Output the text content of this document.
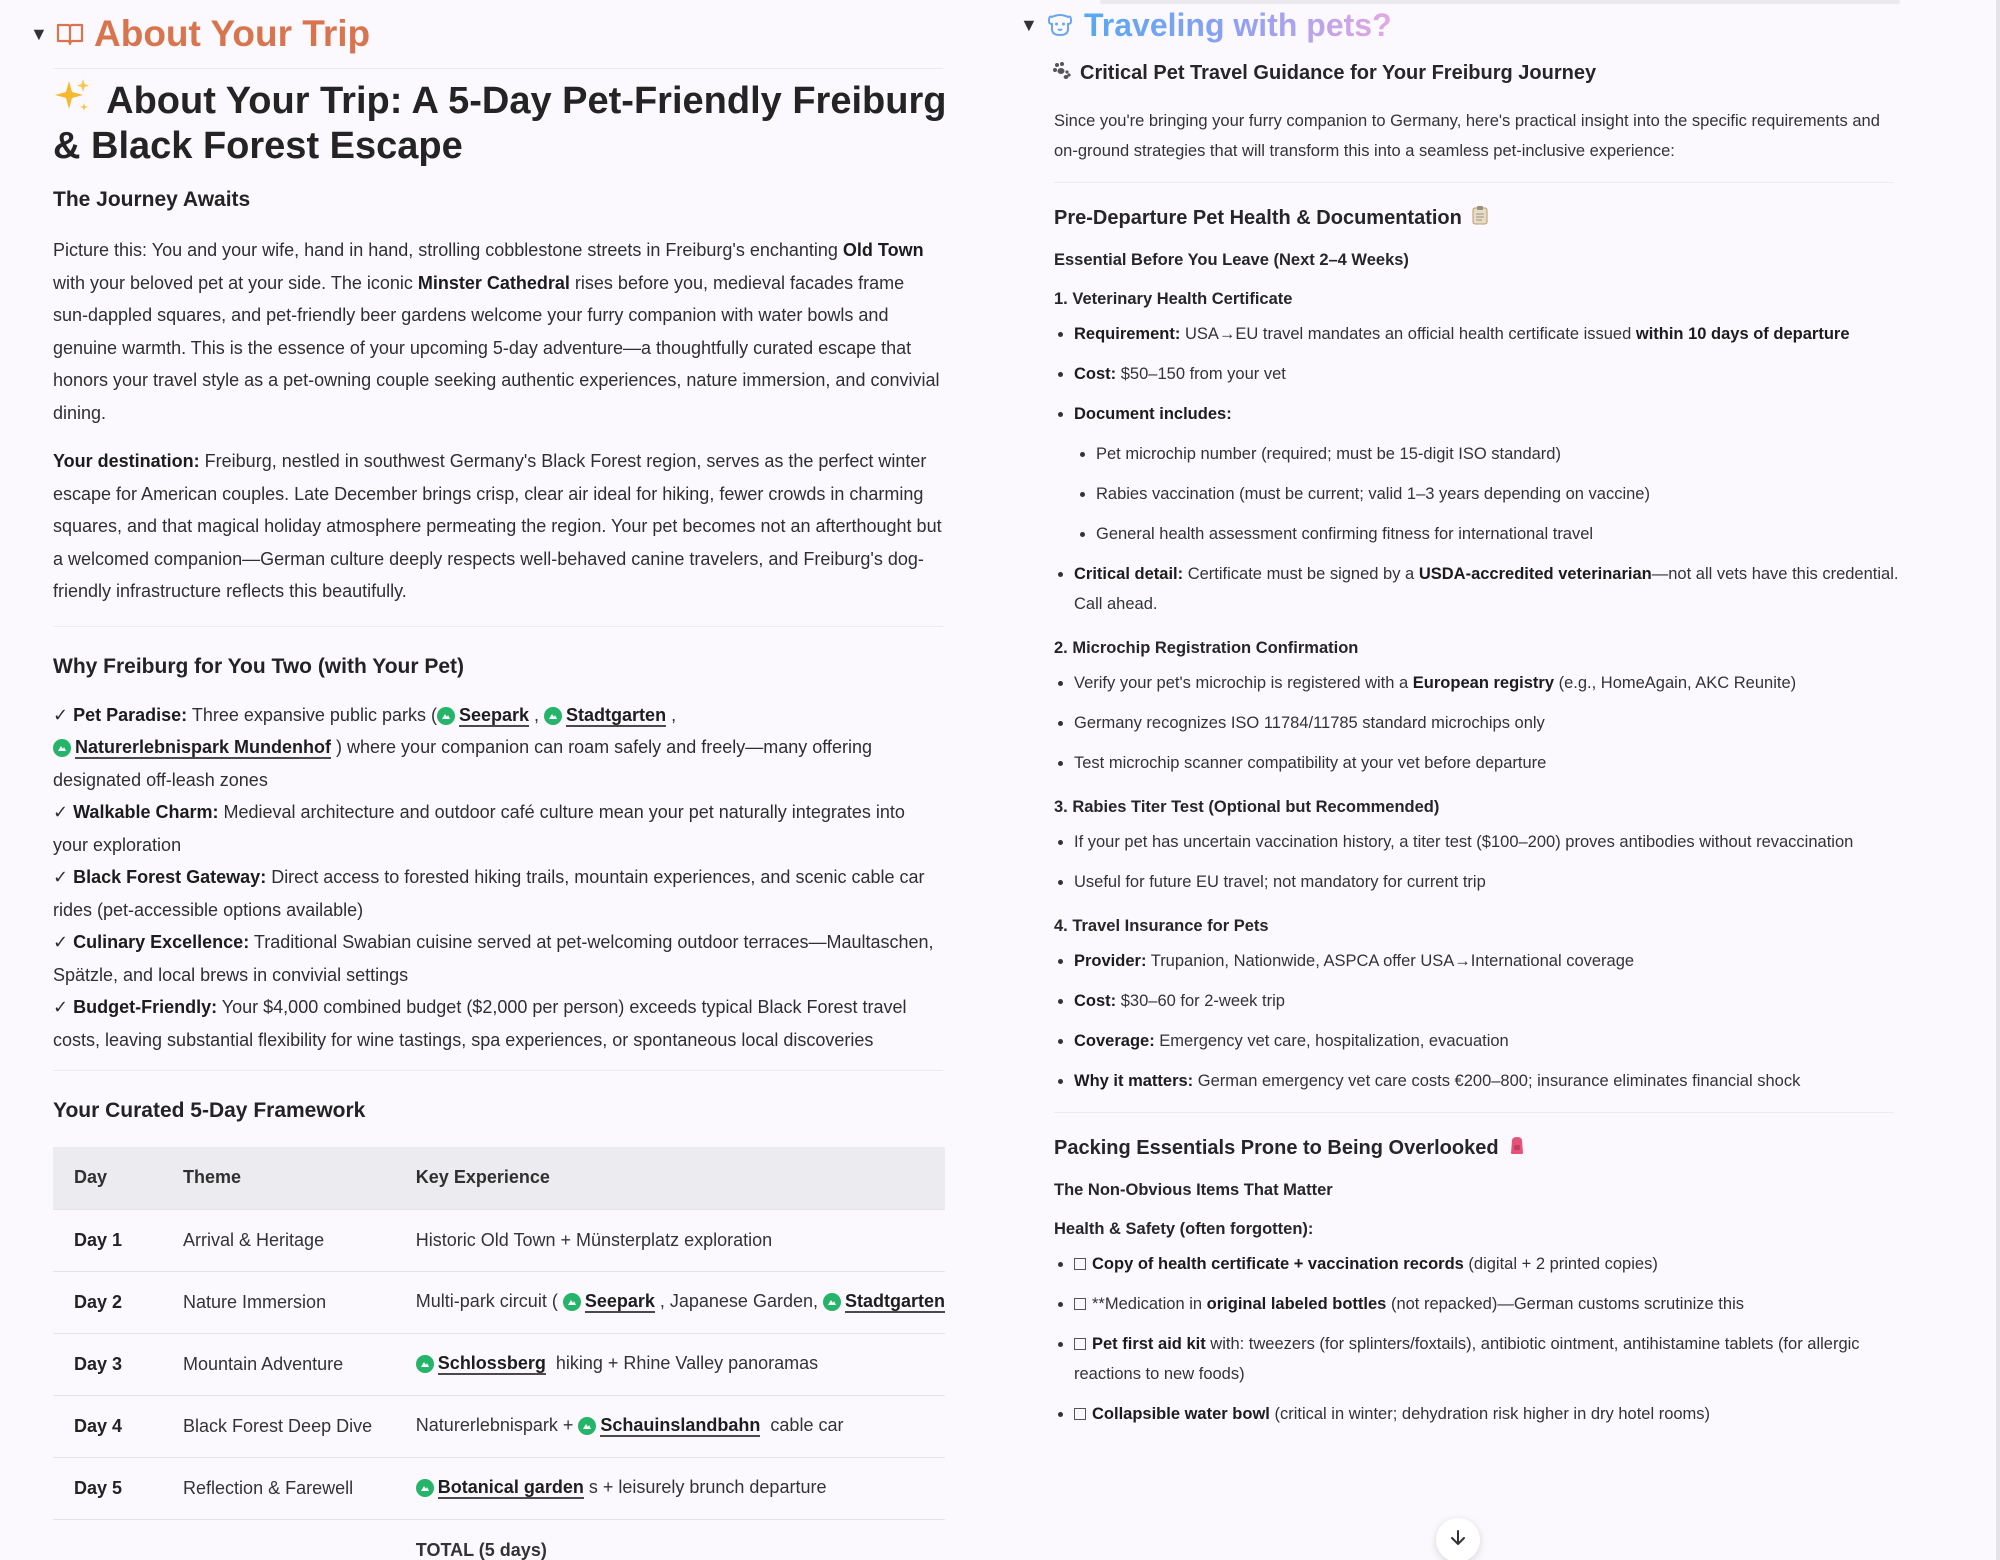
▼ About Your Trip
About Your Trip: A 5-Day Pet-Friendly Freiburg & Black Forest Escape
The Journey Awaits

Picture this: You and your wife, hand in hand, strolling cobblestone streets in Freiburg's enchanting Old Town with your beloved pet at your side. The iconic Minster Cathedral rises before you, medieval facades frame sun-dappled squares, and pet-friendly beer gardens welcome your furry companion with water bowls and genuine warmth. This is the essence of your upcoming 5-day adventure—a thoughtfully curated escape that honors your travel style as a pet-owning couple seeking authentic experiences, nature immersion, and convivial dining.

Your destination: Freiburg, nestled in southwest Germany's Black Forest region, serves as the perfect winter escape for American couples. Late December brings crisp, clear air ideal for hiking, fewer crowds in charming squares, and that magical holiday atmosphere permeating the region. Your pet becomes not an afterthought but a welcomed companion—German culture deeply respects well-behaved canine travelers, and Freiburg's dog-friendly infrastructure reflects this beautifully.

Why Freiburg for You Two (with Your Pet)
✓ Pet Paradise: Three expansive public parks ( Seepark , Stadtgarten ,

Naturerlebnispark Mundenhof ) where your companion can roam safely and freely—many offering designated off-leash zones
✓ Walkable Charm: Medieval architecture and outdoor café culture mean your pet naturally integrates into your exploration
✓ Black Forest Gateway: Direct access to forested hiking trails, mountain experiences, and scenic cable car rides (pet-accessible options available)
✓ Culinary Excellence: Traditional Swabian cuisine served at pet-welcoming outdoor terraces—Maultaschen, Spätzle, and local brews in convivial settings
✓ Budget-Friendly: Your $4,000 combined budget ($2,000 per person) exceeds typical Black Forest travel costs, leaving substantial flexibility for wine tastings, spa experiences, or spontaneous local discoveries
Your Curated 5-Day Framework
Day	Theme	Key Experience
Day 1	Arrival & Heritage	Historic Old Town + Münsterplatz exploration
Day 2	Nature Immersion	Multi-park circuit ( Seepark , Japanese Garden, Stadtgarten

Day 3	Mountain Adventure	Schlossberg hiking + Rhine Valley panoramas
Day 4	Black Forest Deep Dive	Naturerlebnispark + Schauinslandbahn cable car
Day 5	Reflection & Farewell	Botanical garden s + leisurely brunch departure
		TOTAL (5 days)
▼ Traveling with pets?
Critical Pet Travel Guidance for Your Freiburg Journey

Since you're bringing your furry companion to Germany, here's practical insight into the specific requirements and on-ground strategies that will transform this into a seamless pet-inclusive experience:

Pre-Departure Pet Health & Documentation
Essential Before You Leave (Next 2–4 Weeks)
1. Veterinary Health Certificate
• Requirement: USA→EU travel mandates an official health certificate issued within 10 days of departure
• Cost: $50–150 from your vet
• Document includes:
• Pet microchip number (required; must be 15-digit ISO standard)
• Rabies vaccination (must be current; valid 1–3 years depending on vaccine)
• General health assessment confirming fitness for international travel
• Critical detail: Certificate must be signed by a USDA-accredited veterinarian—not all vets have this credential. Call ahead.
2. Microchip Registration Confirmation
• Verify your pet's microchip is registered with a European registry (e.g., HomeAgain, AKC Reunite)
• Germany recognizes ISO 11784/11785 standard microchips only
• Test microchip scanner compatibility at your vet before departure
3. Rabies Titer Test (Optional but Recommended)
• If your pet has uncertain vaccination history, a titer test ($100–200) proves antibodies without revaccination
• Useful for future EU travel; not mandatory for current trip
4. Travel Insurance for Pets
• Provider: Trupanion, Nationwide, ASPCA offer USA→International coverage
• Cost: $30–60 for 2-week trip
• Coverage: Emergency vet care, hospitalization, evacuation
• Why it matters: German emergency vet care costs €200–800; insurance eliminates financial shock
Packing Essentials Prone to Being Overlooked
The Non-Obvious Items That Matter
Health & Safety (often forgotten):
• Copy of health certificate + vaccination records (digital + 2 printed copies)
• **Medication in original labeled bottles (not repacked)—German customs scrutinize this
• Pet first aid kit with: tweezers (for splinters/foxtails), antibiotic ointment, antihistamine tablets (for allergic reactions to new foods)
• Collapsible water bowl (critical in winter; dehydration risk higher in dry hotel rooms)
